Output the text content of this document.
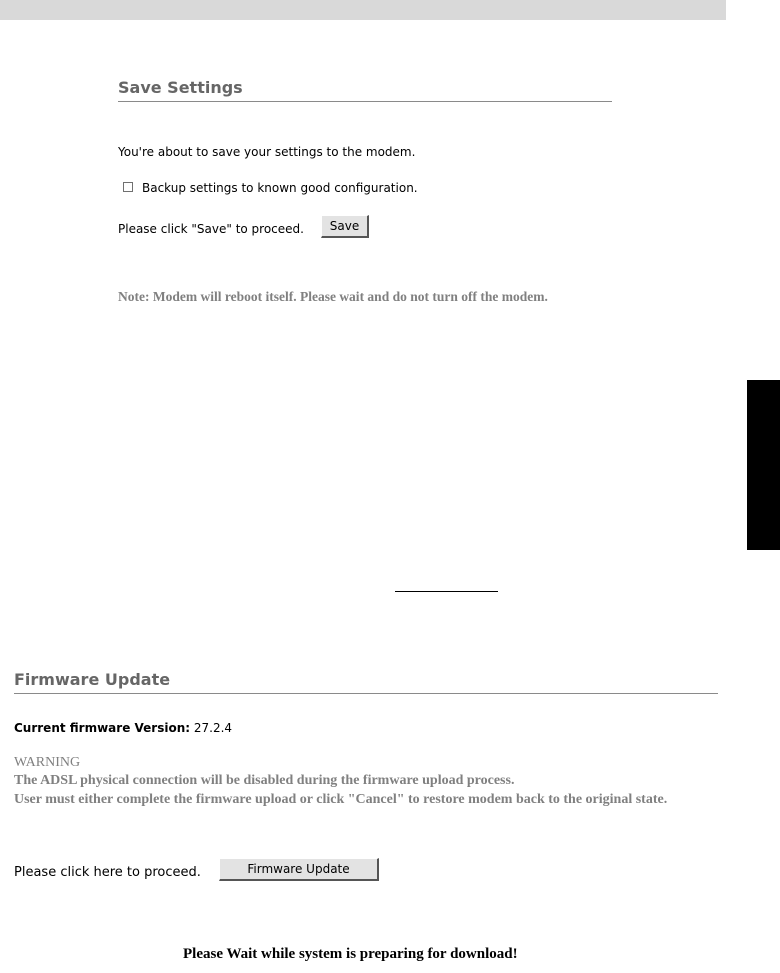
Save Settings
You're about to save your settings to the modem.
Backup settings to known good configuration.
Please click "Save" to proceed.	Save
Note: Modem will reboot itself. Please wait and do not turn off the modem.
Firmware Update
Current firmware Version: 27.2.4
WARNING
The ADSL physical connection will be disabled during the firmware upload process.
User must either complete the firmware upload or click "Cancel" to restore modem back to the original state.
Please click here to proceed.	Firmware Update
Please Wait while system is preparing for download!
